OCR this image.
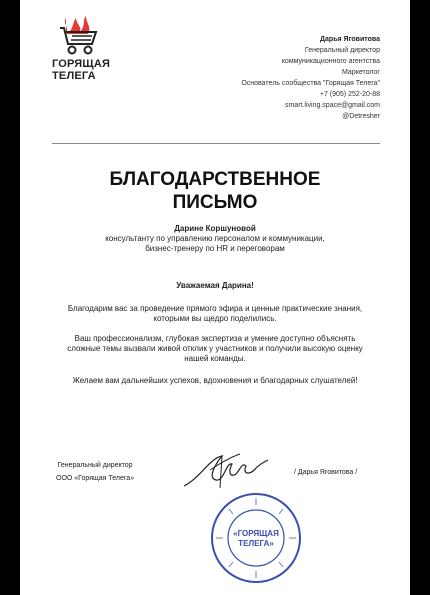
ГОРЯЩАЯ
ТЕЛЕГА
Дарья Яговитова
Генеральный директор
коммуникационного агентства
Маркетолог
Основатель сообщества "Горящая Телега"
+7 (905) 252-20-88
smart.living.space@gmail.com
@Detresher
БЛАГОДАРСТВЕННОЕ
ПИСЬМО
Дарине Коршуновой
консультанту по управлению персоналом и коммуникации,
бизнес-тренеру по HR и переговорам
Уважаемая Дарина!
Благодарим вас за проведение прямого эфира и ценные практические знания,
которыми вы щедро поделились.
Ваш профессионализм, глубокая экспертиза и умение доступно объяснять
сложные темы вызвали живой отклик у участников и получили высокую оценку
нашей команды.
Желаем вам дальнейших успехов, вдохновения и благодарных слушателей!
Генеральный директор
ООО «Горящая Телега»
/ Дарья Яговитова /
«ГОРЯЩАЯ
ТЕЛЕГА»
